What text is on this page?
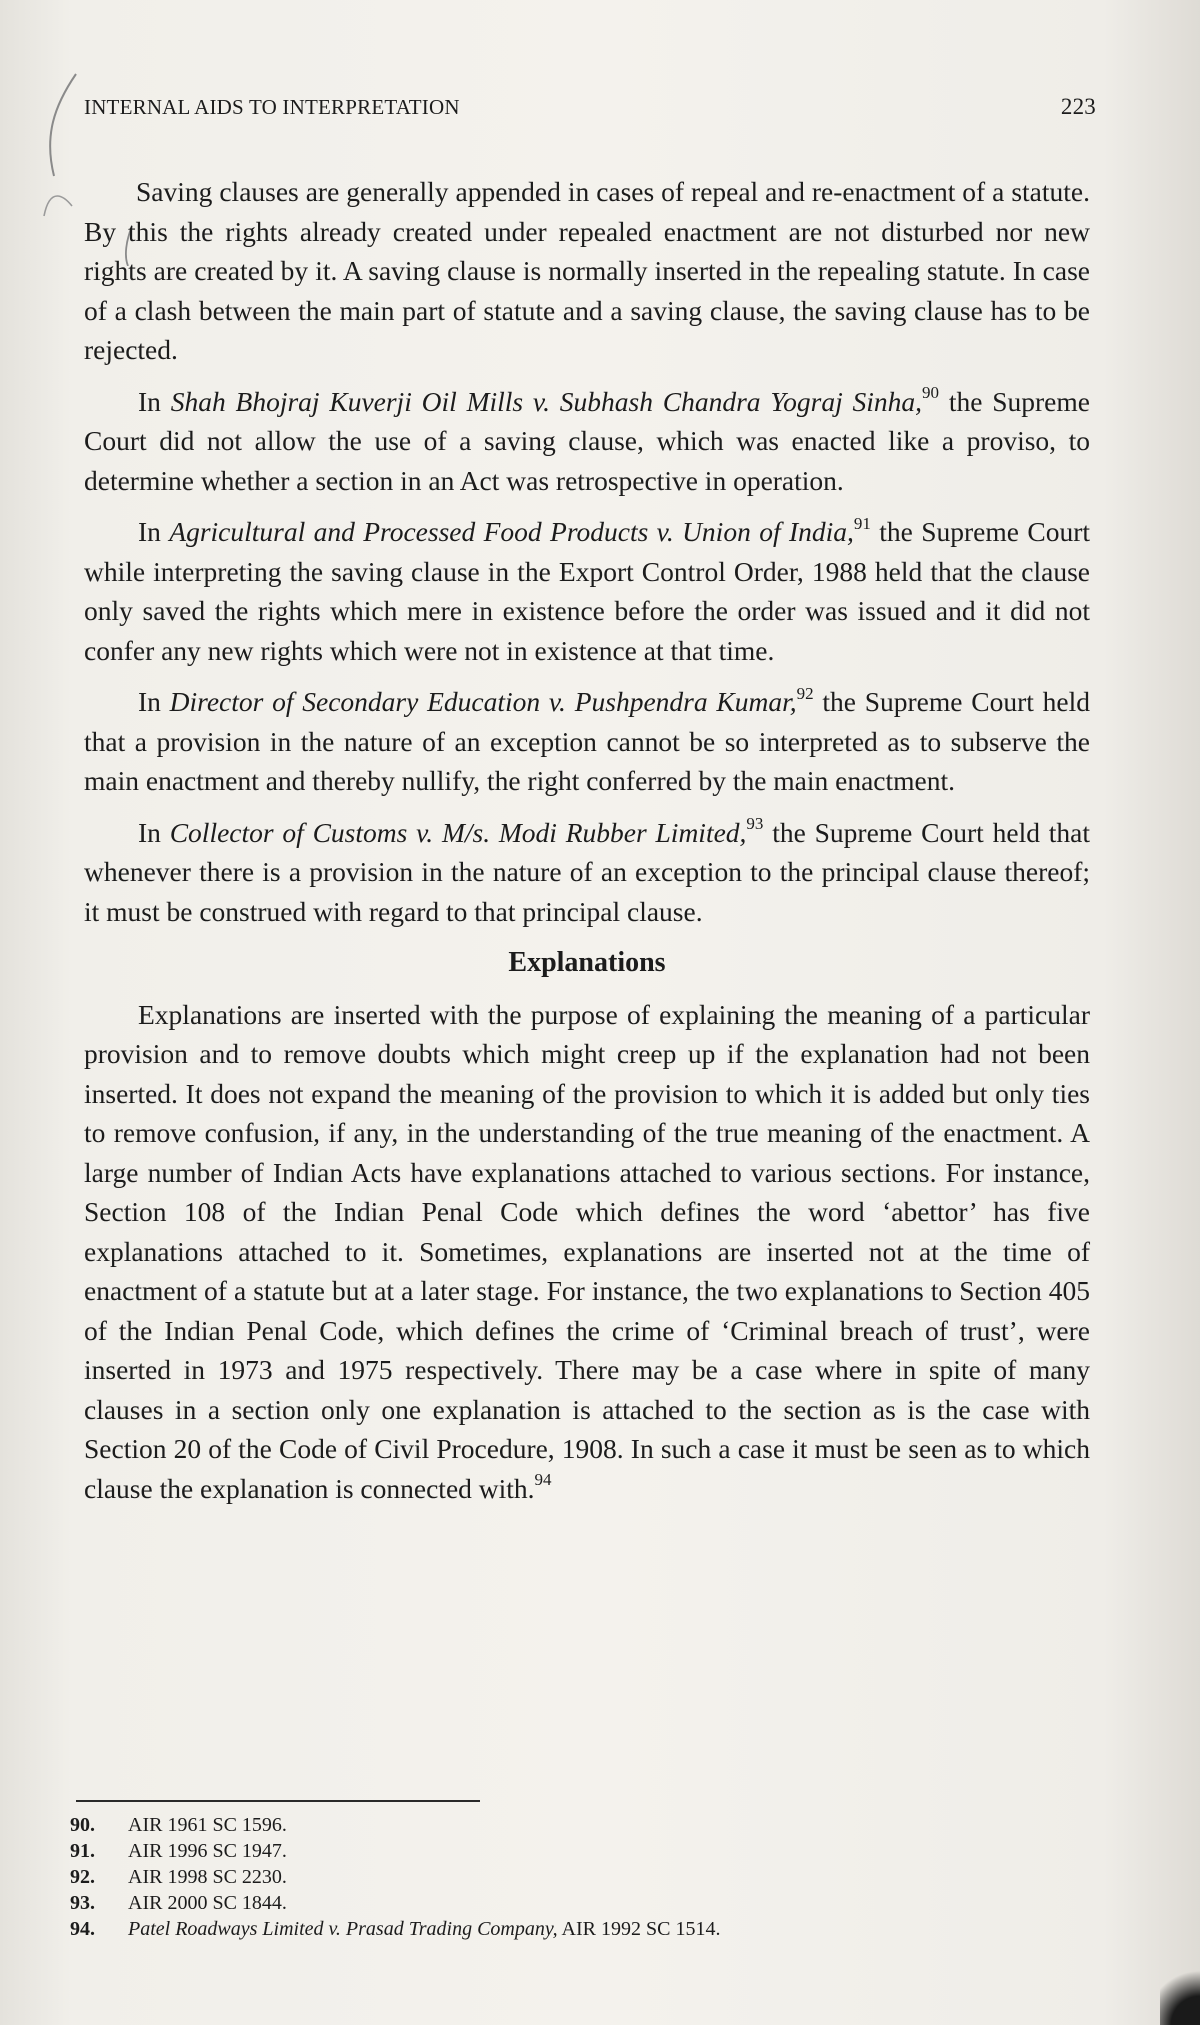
INTERNAL AIDS TO INTERPRETATION	223

Saving clauses are generally appended in cases of repeal and re-enactment of a statute. By this the rights already created under repealed enactment are not disturbed nor new rights are created by it. A saving clause is normally inserted in the repealing statute. In case of a clash between the main part of statute and a saving clause, the saving clause has to be rejected.

In Shah Bhojraj Kuverji Oil Mills v. Subhash Chandra Yograj Sinha,$^{90}$ the Supreme Court did not allow the use of a saving clause, which was enacted like a proviso, to determine whether a section in an Act was retrospective in operation.

In Agricultural and Processed Food Products v. Union of India,$^{91}$ the Supreme Court while interpreting the saving clause in the Export Control Order, 1988 held that the clause only saved the rights which mere in existence before the order was issued and it did not confer any new rights which were not in existence at that time.

In Director of Secondary Education v. Pushpendra Kumar,$^{92}$ the Supreme Court held that a provision in the nature of an exception cannot be so interpreted as to subserve the main enactment and thereby nullify, the right conferred by the main enactment.

In Collector of Customs v. M/s. Modi Rubber Limited,$^{93}$ the Supreme Court held that whenever there is a provision in the nature of an exception to the principal clause thereof; it must be construed with regard to that principal clause.

Explanations

Explanations are inserted with the purpose of explaining the meaning of a particular provision and to remove doubts which might creep up if the explanation had not been inserted. It does not expand the meaning of the provision to which it is added but only ties to remove confusion, if any, in the understanding of the true meaning of the enactment. A large number of Indian Acts have explanations attached to various sections. For instance, Section 108 of the Indian Penal Code which defines the word ‘abettor’ has five explanations attached to it. Sometimes, explanations are inserted not at the time of enactment of a statute but at a later stage. For instance, the two explanations to Section 405 of the Indian Penal Code, which defines the crime of ‘Criminal breach of trust’, were inserted in 1973 and 1975 respectively. There may be a case where in spite of many clauses in a section only one explanation is attached to the section as is the case with Section 20 of the Code of Civil Procedure, 1908. In such a case it must be seen as to which clause the explanation is connected with.$^{94}$

90.	AIR 1961 SC 1596.
91.	AIR 1996 SC 1947.
92.	AIR 1998 SC 2230.
93.	AIR 2000 SC 1844.
94.	Patel Roadways Limited v. Prasad Trading Company, AIR 1992 SC 1514.
